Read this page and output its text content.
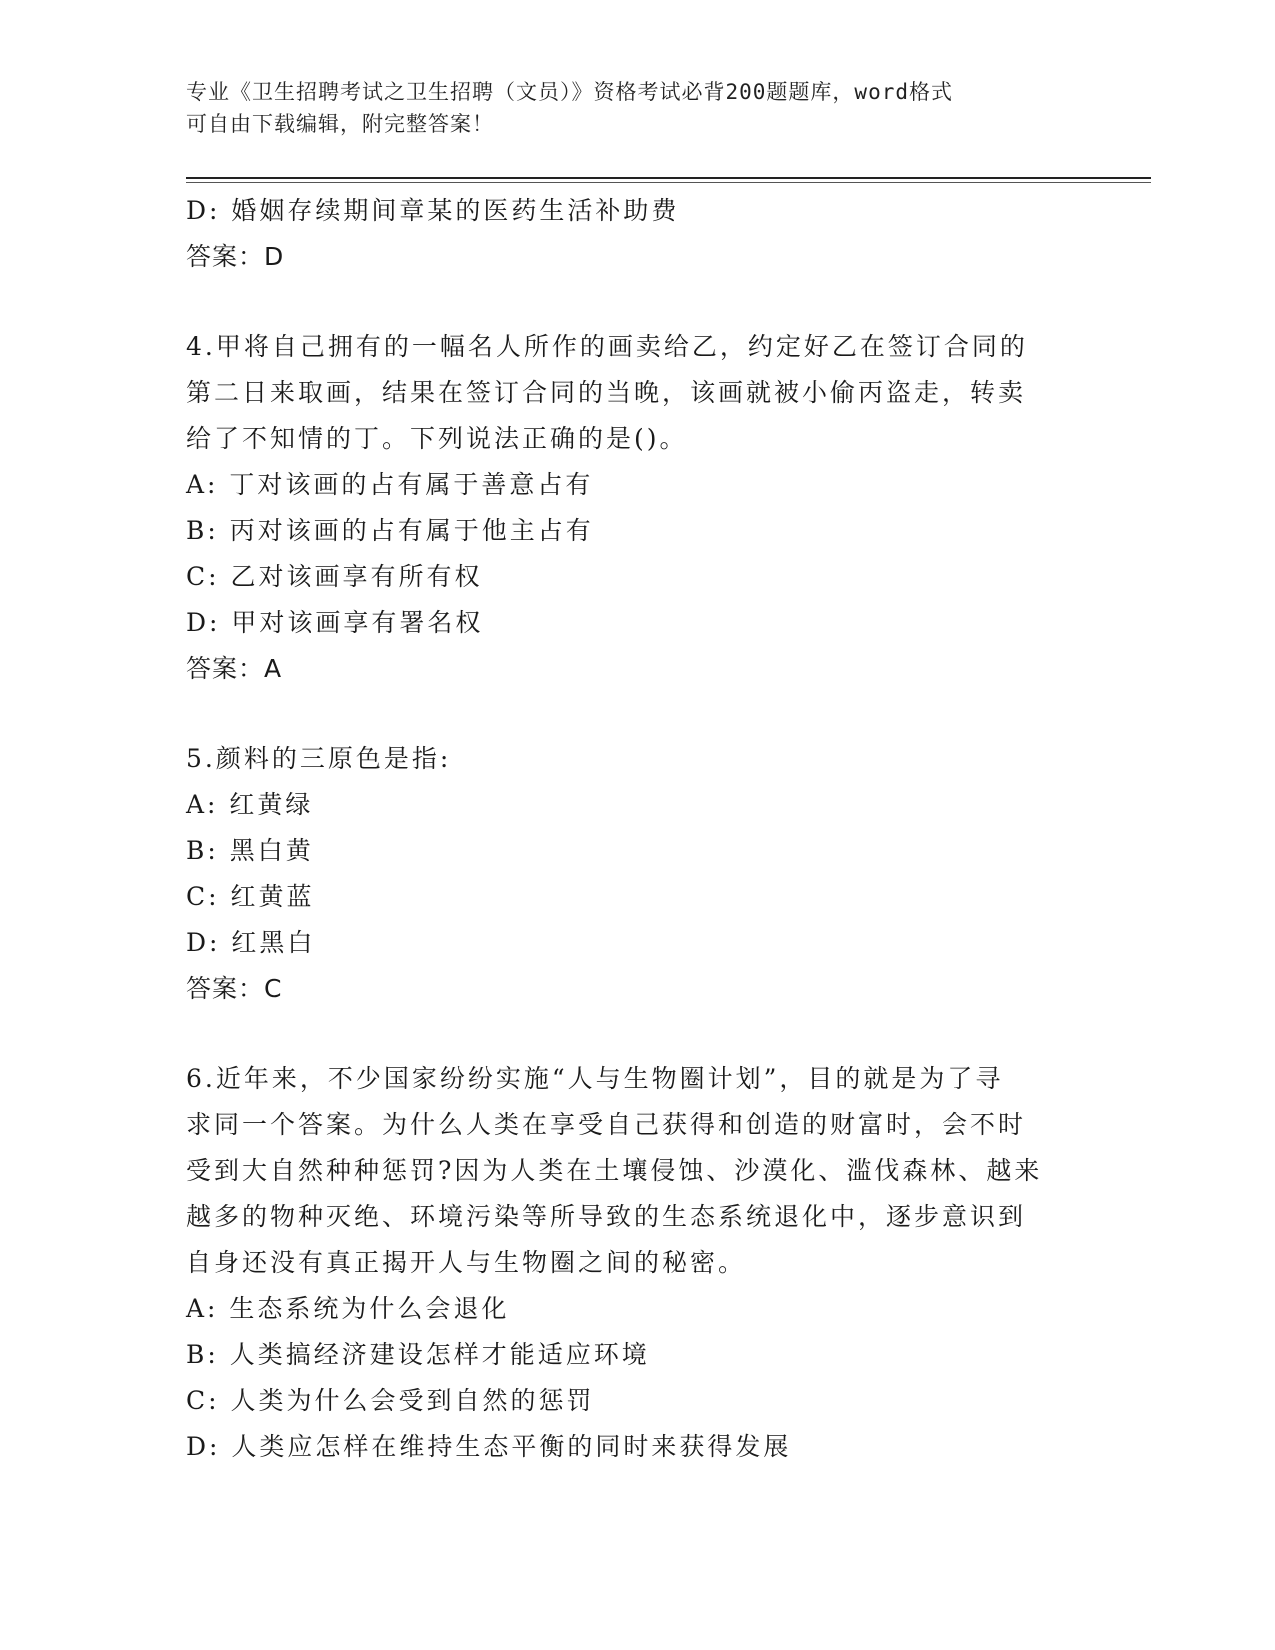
专业《卫生招聘考试之卫生招聘（文员）》资格考试必背200题题库，word格式
可自由下载编辑，附完整答案！
D: 婚姻存续期间章某的医药生活补助费
答案：D
4.甲将自己拥有的一幅名人所作的画卖给乙，约定好乙在签订合同的
第二日来取画，结果在签订合同的当晚，该画就被小偷丙盗走，转卖
给了不知情的丁。下列说法正确的是()。
A: 丁对该画的占有属于善意占有
B: 丙对该画的占有属于他主占有
C: 乙对该画享有所有权
D: 甲对该画享有署名权
答案：A
5.颜料的三原色是指:
A: 红黄绿
B: 黑白黄
C: 红黄蓝
D: 红黑白
答案：C
6.近年来，不少国家纷纷实施“人与生物圈计划”，目的就是为了寻
求同一个答案。为什么人类在享受自己获得和创造的财富时，会不时
受到大自然种种惩罚?因为人类在土壤侵蚀、沙漠化、滥伐森林、越来
越多的物种灭绝、环境污染等所导致的生态系统退化中，逐步意识到
自身还没有真正揭开人与生物圈之间的秘密。
A: 生态系统为什么会退化
B: 人类搞经济建设怎样才能适应环境
C: 人类为什么会受到自然的惩罚
D: 人类应怎样在维持生态平衡的同时来获得发展
